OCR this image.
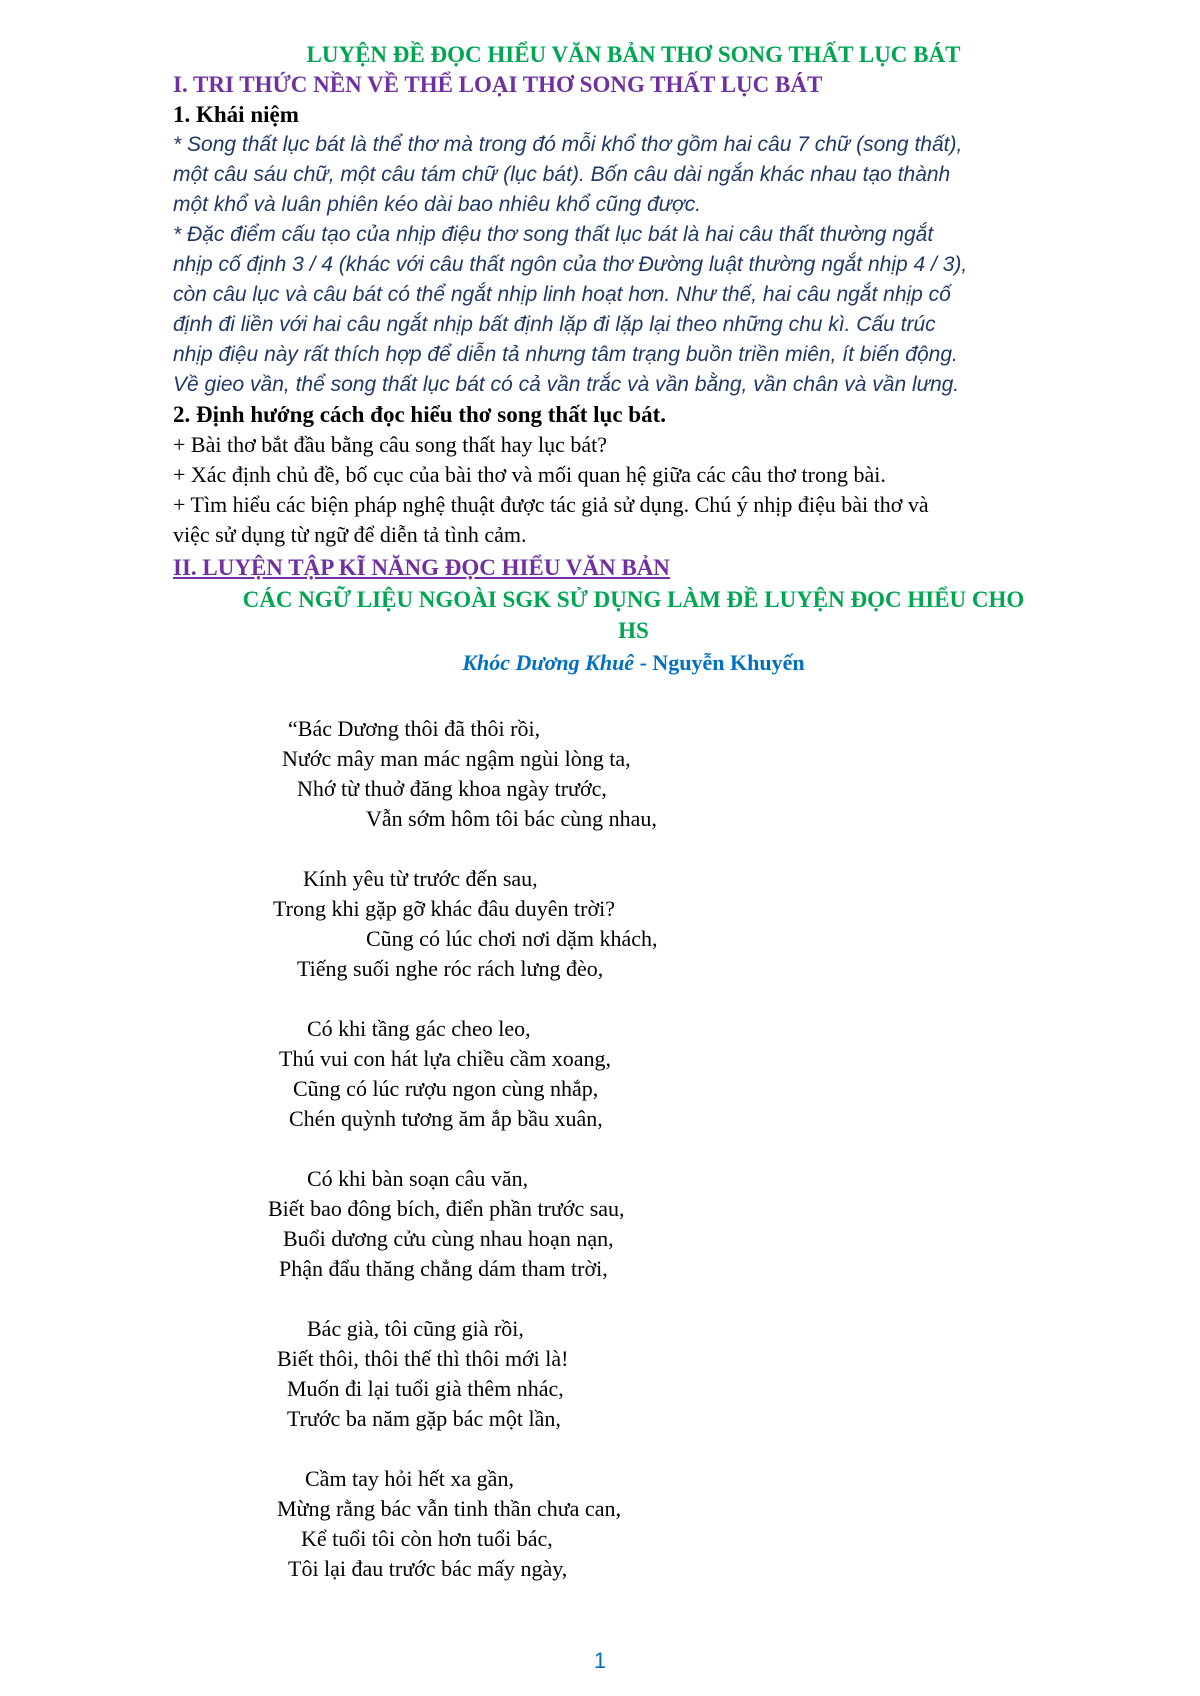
LUYỆN ĐỀ ĐỌC HIỂU VĂN BẢN THƠ SONG THẤT LỤC BÁT

I. TRI THỨC NỀN VỀ THỂ LOẠI THƠ SONG THẤT LỤC BÁT

1. Khái niệm

* Song thất lục bát là thể thơ mà trong đó mỗi khổ thơ gồm hai câu 7 chữ (song thất),

một câu sáu chữ, một câu tám chữ (lục bát). Bốn câu dài ngắn khác nhau tạo thành

một khổ và luân phiên kéo dài bao nhiêu khổ cũng được.

* Đặc điểm cấu tạo của nhịp điệu thơ song thất lục bát là hai câu thất thường ngắt

nhịp cố định 3 / 4 (khác với câu thất ngôn của thơ Đường luật thường ngắt nhịp 4 / 3),

còn câu lục và câu bát có thể ngắt nhịp linh hoạt hơn. Như thế, hai câu ngắt nhịp cố

định đi liền với hai câu ngắt nhịp bất định lặp đi lặp lại theo những chu kì. Cấu trúc

nhịp điệu này rất thích hợp để diễn tả nhưng tâm trạng buồn triền miên, ít biến động.

Về gieo vần, thể song thất lục bát có cả vần trắc và vần bằng, vần chân và vần lưng.

2. Định hướng cách đọc hiểu thơ song thất lục bát.

+ Bài thơ bắt đầu bằng câu song thất hay lục bát?

+ Xác định chủ đề, bố cục của bài thơ và mối quan hệ giữa các câu thơ trong bài.

+ Tìm hiểu các biện pháp nghệ thuật được tác giả sử dụng. Chú ý nhịp điệu bài thơ và

việc sử dụng từ ngữ để diễn tả tình cảm.

II. LUYỆN TẬP KĨ NĂNG ĐỌC HIỂU VĂN BẢN

CÁC NGỮ LIỆU NGOÀI SGK SỬ DỤNG LÀM ĐỀ LUYỆN ĐỌC HIỂU CHO

HS

Khóc Dương Khuê - Nguyễn Khuyến

“Bác Dương thôi đã thôi rồi,
Nước mây man mác ngậm ngùi lòng ta,
Nhớ từ thuở đăng khoa ngày trước,
Vẫn sớm hôm tôi bác cùng nhau,
Kính yêu từ trước đến sau,
Trong khi gặp gỡ khác đâu duyên trời?
Cũng có lúc chơi nơi dặm khách,
Tiếng suối nghe róc rách lưng đèo,
Có khi tầng gác cheo leo,
Thú vui con hát lựa chiều cầm xoang,
Cũng có lúc rượu ngon cùng nhắp,
Chén quỳnh tương ăm ắp bầu xuân,
Có khi bàn soạn câu văn,
Biết bao đông bích, điển phần trước sau,
Buổi dương cửu cùng nhau hoạn nạn,
Phận đẩu thăng chẳng dám tham trời,
Bác già, tôi cũng già rồi,
Biết thôi, thôi thế thì thôi mới là!
Muốn đi lại tuổi già thêm nhác,
Trước ba năm gặp bác một lần,
Cầm tay hỏi hết xa gần,
Mừng rằng bác vẫn tinh thần chưa can,
Kể tuổi tôi còn hơn tuổi bác,
Tôi lại đau trước bác mấy ngày,
1
